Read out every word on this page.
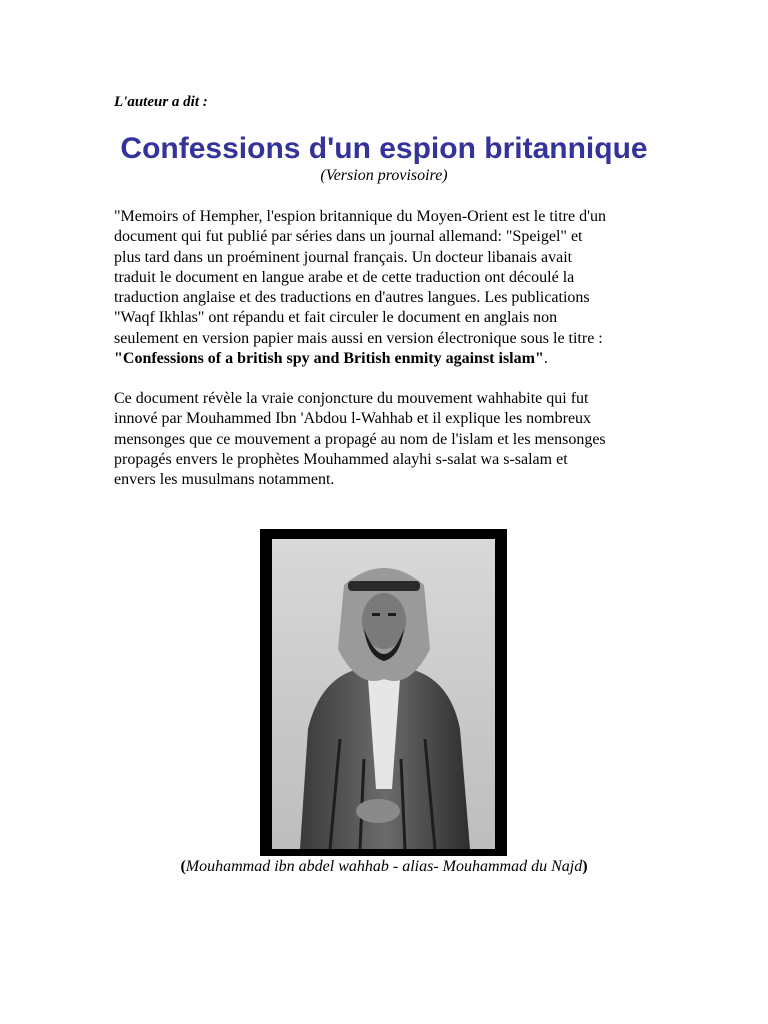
L'auteur a dit :
Confessions d'un espion britannique
(Version provisoire)
"Memoirs of Hempher, l'espion britannique du Moyen-Orient est le titre d'un
document qui fut publié par séries dans un journal allemand: "Speigel" et
plus tard dans un proéminent journal français. Un docteur libanais avait
traduit le document en langue arabe et de cette traduction ont découlé la
traduction anglaise et des traductions en d'autres langues. Les publications
"Waqf Ikhlas" ont répandu et fait circuler le document en anglais non
seulement en version papier mais aussi en version électronique sous le titre :
"Confessions of a british spy and British enmity against islam".
Ce document révèle la vraie conjoncture du mouvement wahhabite qui fut
innové par Mouhammed Ibn 'Abdou l-Wahhab et il explique les nombreux
mensonges que ce mouvement a propagé au nom de l'islam et les mensonges
propagés envers le prophètes Mouhammed alayhi s-salat wa s-salam et
envers les musulmans notamment.
(Mouhammad ibn abdel wahhab - alias- Mouhammad du Najd)
